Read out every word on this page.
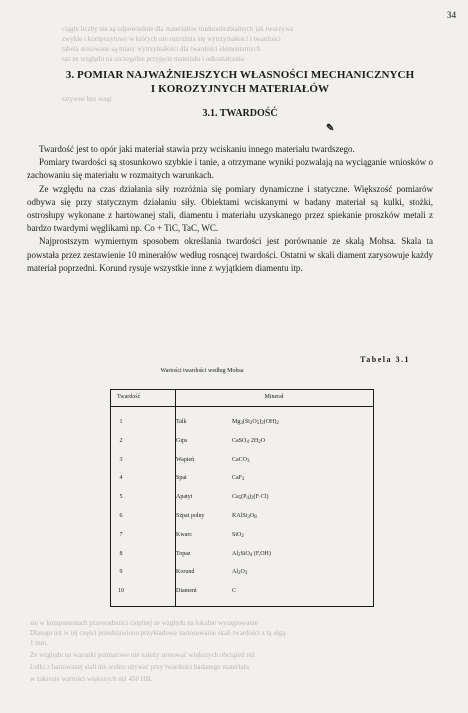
34
ciągle liczby nie są odpowiednie dla materiałów trudnoobrabialnych jak tworzywa
zwykłe i kompozytowe w których nie rozróżnia się wytrzymałości i twardości
tabela stosowane są miary wytrzymałości dla twardości elementarnych
raz ze względu na szczególne przyjęcie materiału i odkształcenia
sztywne bez wagi
się w komponentach przewodności cieplnej ze względu na lokalne występowanie
Dlatego też w tej części przedstawiono przykładowe zastosowanie skali twardości z tą ulgą
1 mm.
Ze względu na warunki pomiarowe nie należy stosować większych obciążeń niż
Lulki z hartowanej stali nie wolno używać przy twardości badanego materiału
w zakresie wartości większych niż 450 HB.
3. POMIAR NAJWAŻNIEJSZYCH WŁASNOŚCI MECHANICZNYCH
I KOROZYJNYCH MATERIAŁÓW
3.1. TWARDOŚĆ
✎

Twardość jest to opór jaki materiał stawia przy wciskaniu innego materiału twardszego.

Pomiary twardości są stosunkowo szybkie i tanie, a otrzymane wyniki pozwalają na wyciąganie wniosków o zachowaniu się materiału w rozmaitych warunkach.

Ze względu na czas działania siły rozróżnia się pomiary dynamiczne i statyczne. Większość pomiarów odbywa się przy statycznym działaniu siły. Obiektami wciskanymi w badany materiał są kulki, stożki, ostrosłupy wykonane z hartowanej stali, diamentu i materiału uzyskanego przez spiekanie proszków metali z bardzo twardymi węglikami np. Co + TiC, TaC, WC.

Najprostszym wymiernym sposobem określania twardości jest porównanie ze skalą Mohsa. Skala ta powstała przez zestawienie 10 minerałów według rosnącej twardości. Ostatni w skali diament zarysowuje każdy materiał poprzedni. Korund rysuje wszystkie inne z wyjątkiem diamentu itp.

Tabela 3.1
Wartości twardości według Mohsa
Twardość	Minerał
1	Talk	$Mg_3(Si_2O_5)_2(OH)_2$
2	Gips	$CaSO_4\cdot 2H_2O$
3	Wapień	CaCO$_3$
4	Spat	CaF$_2$
5	Apatyt	$Ca_5(P_4)_3(F\cdot Cl)$
6	Szpat polny	$KAlSi_3O_8$
7	Kwarc	SiO$_2$
8	Topaz	$Al_2SiO_4$ (F,OH)
9	Korund	$Al_2O_3$
10	Diament	C
